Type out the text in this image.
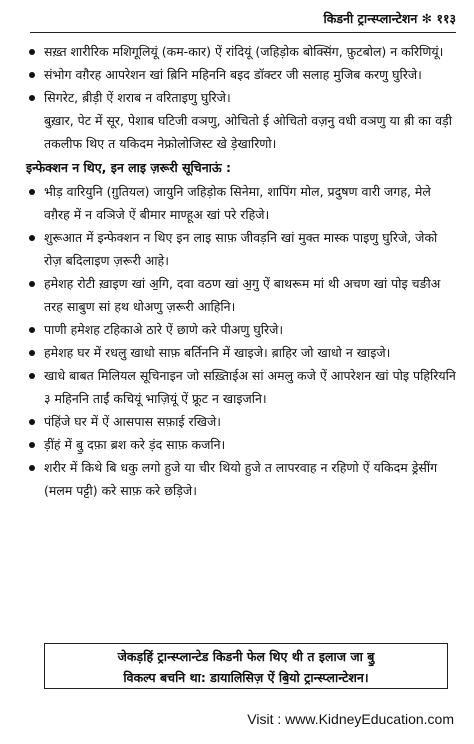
किडनी ट्रान्स्प्लान्टेशन ✻ ११३
सख़्त शारीरिक मशिगूलियूं (कम-कार) ऐं रांदियूं (जहिड़ोक बोक्सिंग, फ़ुटबोल) न करिणियूं।
संभोग वग़ैरह आपरेशन खां ब़िनि महिननि बइद डॉक्टर जी सलाह मुजिब करणु घुरिजे।
सिगरेट, ब़ीड़ी ऐं शराब न वरिताइणु घुरिजे।
बुख़ार, पेट में सूर, पेशाब घटिजी वञणु, ओचितो ई ओचितो वज़नु वधी वञणु या ब़ी का वड़ी तकलीफ थिए त यकिदम नेफ्रोलोजिस्ट खे ड़ेखारिणो।
इन्फेक्शन न थिए, इन लाइ ज़रूरी सूचिनाऊं :
भीड़ वारियुनि (गु़तियल) जायुनि जहिड़ोक सिनेमा, शापिंग मोल, प्रदुषण वारी जगह, मेले वग़ैरह में न वञिजे ऐं बीमार माण्हूअ खां परे रहिजे।
शुरूआत में इन्फेक्शन न थिए इन लाइ साफ़ जीवड़नि खां मुक्त मास्क पाइणु घुरिजे, जेको रोज़ बदिलाइण ज़रूरी आहे।
हमेशह रोटी ख़ाइण खां अ॒गि, दवा वठण खां अ॒गु ऐं बाथरूम मां थी अचण खां पोइ चङीअ तरह साबुण सां हथ धोअणु ज़रूरी आहिनि।
पाणी हमेशह टहिकाअे ठारे ऐं छाणे करे पीअणु घुरिजे।
हमेशह घर में रधलु खाधो साफ़ बर्तिननि में खाइजे। ब़ाहिर जो खाधो न खाइजे।
खाधे बाबत मिलियल सूचिनाइन जो सख़्तिाईअ सां अमलु कजे ऐं आपरेशन खां पोइ पहिरियनि ३ महिननि ताईं कचियूं भाज़ियूं ऐं फ्रूट न खाइजनि।
पंहिंजे घर में ऐं आसपास सफ़ाई रखिजे।
ड़ींहं में बु॒ दफ़ा ब्रश करे ड़ंद साफ़ कजनि।
शरीर में किथे बि धकु लगो हुजे या चीर थियो हुजे त लापरवाह न रहिणो ऐं यकिदम ड्रेसींग (मलम पट्टी) करे साफ़ करे छड़िजे।
जेकड़हिं ट्रान्स्प्लान्टेड किडनी फेल थिए थी त इलाज जा बु॒
विकल्प बचनि था: डायालिसिज़ ऐं बि॒यो ट्रान्स्प्लान्टेशन।
Visit : www.KidneyEducation.com
